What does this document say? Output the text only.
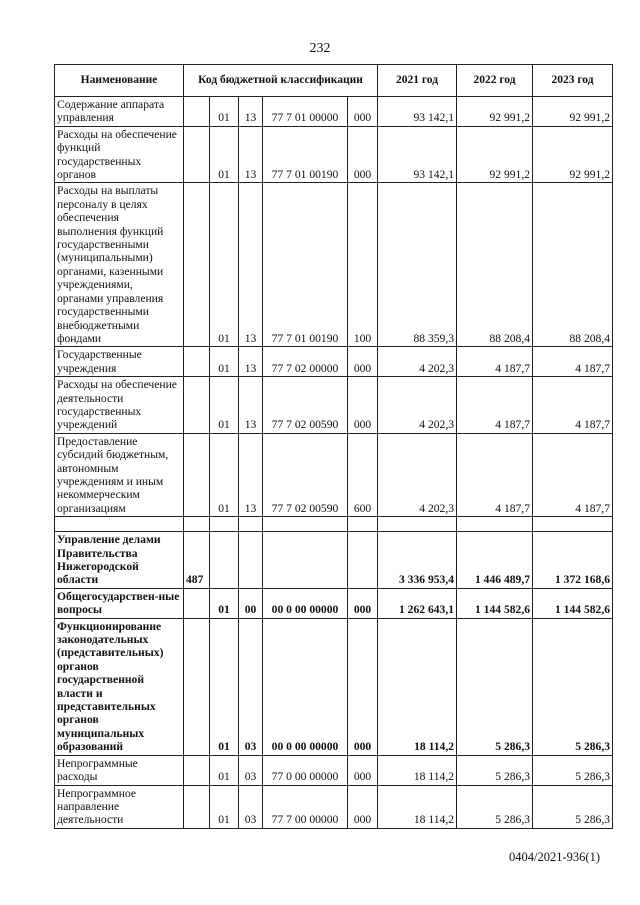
232
Наименование	Код бюджетной классификации					2021 год	2022 год	2023 год
Содержание аппарата управления		01	13	77 7 01 00000	000	93 142,1	92 991,2	92 991,2
Расходы на обеспечение функций государственных органов		01	13	77 7 01 00190	000	93 142,1	92 991,2	92 991,2
Расходы на выплаты персоналу в целях обеспечения выполнения функций государственными (муниципальными) органами, казенными учреждениями, органами управления государственными внебюджетными фондами		01	13	77 7 01 00190	100	88 359,3	88 208,4	88 208,4
Государственные учреждения		01	13	77 7 02 00000	000	4 202,3	4 187,7	4 187,7
Расходы на обеспечение деятельности государственных учреждений		01	13	77 7 02 00590	000	4 202,3	4 187,7	4 187,7
Предоставление субсидий бюджетным, автономным учреждениям и иным некоммерческим организациям		01	13	77 7 02 00590	600	4 202,3	4 187,7	4 187,7

Управление делами Правительства Нижегородской области	487					3 336 953,4	1 446 489,7	1 372 168,6
Общегосударствен-ные вопросы		01	00	00 0 00 00000	000	1 262 643,1	1 144 582,6	1 144 582,6
Функционирование законодательных (представительных) органов государственной власти и представительных органов муниципальных образований		01	03	00 0 00 00000	000	18 114,2	5 286,3	5 286,3
Непрограммные расходы		01	03	77 0 00 00000	000	18 114,2	5 286,3	5 286,3
Непрограммное направление деятельности		01	03	77 7 00 00000	000	18 114,2	5 286,3	5 286,3
0404/2021-936(1)
